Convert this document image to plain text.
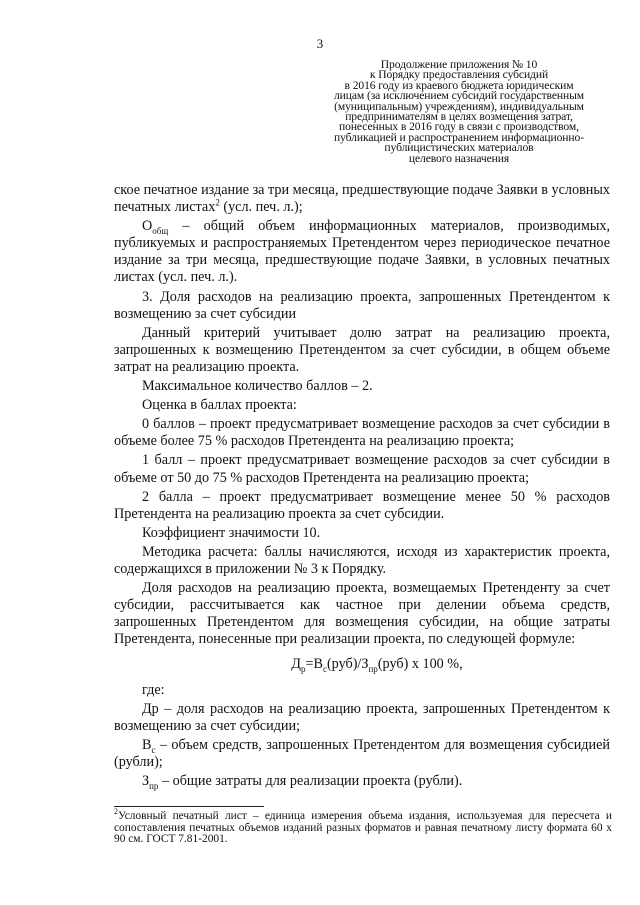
3
Продолжение приложения № 10
к Порядку предоставления субсидий
в 2016 году из краевого бюджета юридическим
лицам (за исключением субсидий государственным
(муниципальным) учреждениям), индивидуальным
предпринимателям в целях возмещения затрат,
понесенных в 2016 году в связи с производством,
публикацией и распространением информационно-
публицистических материалов
целевого назначения

ское печатное издание за три месяца, предшествующие подаче Заявки в условных печатных листах$^2$ (усл. печ. л.);

$О_{общ}$ – общий объем информационных материалов, производимых, публикуемых и распространяемых Претендентом через периодическое печатное издание за три месяца, предшествующие подаче Заявки, в условных печатных листах (усл. печ. л.).

3. Доля расходов на реализацию проекта, запрошенных Претендентом к возмещению за счет субсидии

Данный критерий учитывает долю затрат на реализацию проекта, запрошенных к возмещению Претендентом за счет субсидии, в общем объеме затрат на реализацию проекта.

Максимальное количество баллов – 2.

Оценка в баллах проекта:

0 баллов – проект предусматривает возмещение расходов за счет субсидии в объеме более 75 % расходов Претендента на реализацию проекта;

1 балл – проект предусматривает возмещение расходов за счет субсидии в объеме от 50 до 75 % расходов Претендента на реализацию проекта;

2 балла – проект предусматривает возмещение менее 50 % расходов Претендента на реализацию проекта за счет субсидии.

Коэффициент значимости 10.

Методика расчета: баллы начисляются, исходя из характеристик проекта, содержащихся в приложении № 3 к Порядку.

Доля расходов на реализацию проекта, возмещаемых Претенденту за счет субсидии, рассчитывается как частное при делении объема средств, запрошенных Претендентом для возмещения субсидии, на общие затраты Претендента, понесенные при реализации проекта, по следующей формуле:

$Д_р=В_с(руб)/З_{пр}(руб)$ х 100 %,

где:

Др – доля расходов на реализацию проекта, запрошенных Претендентом к возмещению за счет субсидии;

$В_с$ – объем средств, запрошенных Претендентом для возмещения субсидией (рубли);

$З_{пр}$ – общие затраты для реализации проекта (рубли).

$^2$Условный печатный лист – единица измерения объема издания, используемая для пересчета и сопоставления печатных объемов изданий разных форматов и равная печатному листу формата 60 х 90 см. ГОСТ 7.81-2001.
